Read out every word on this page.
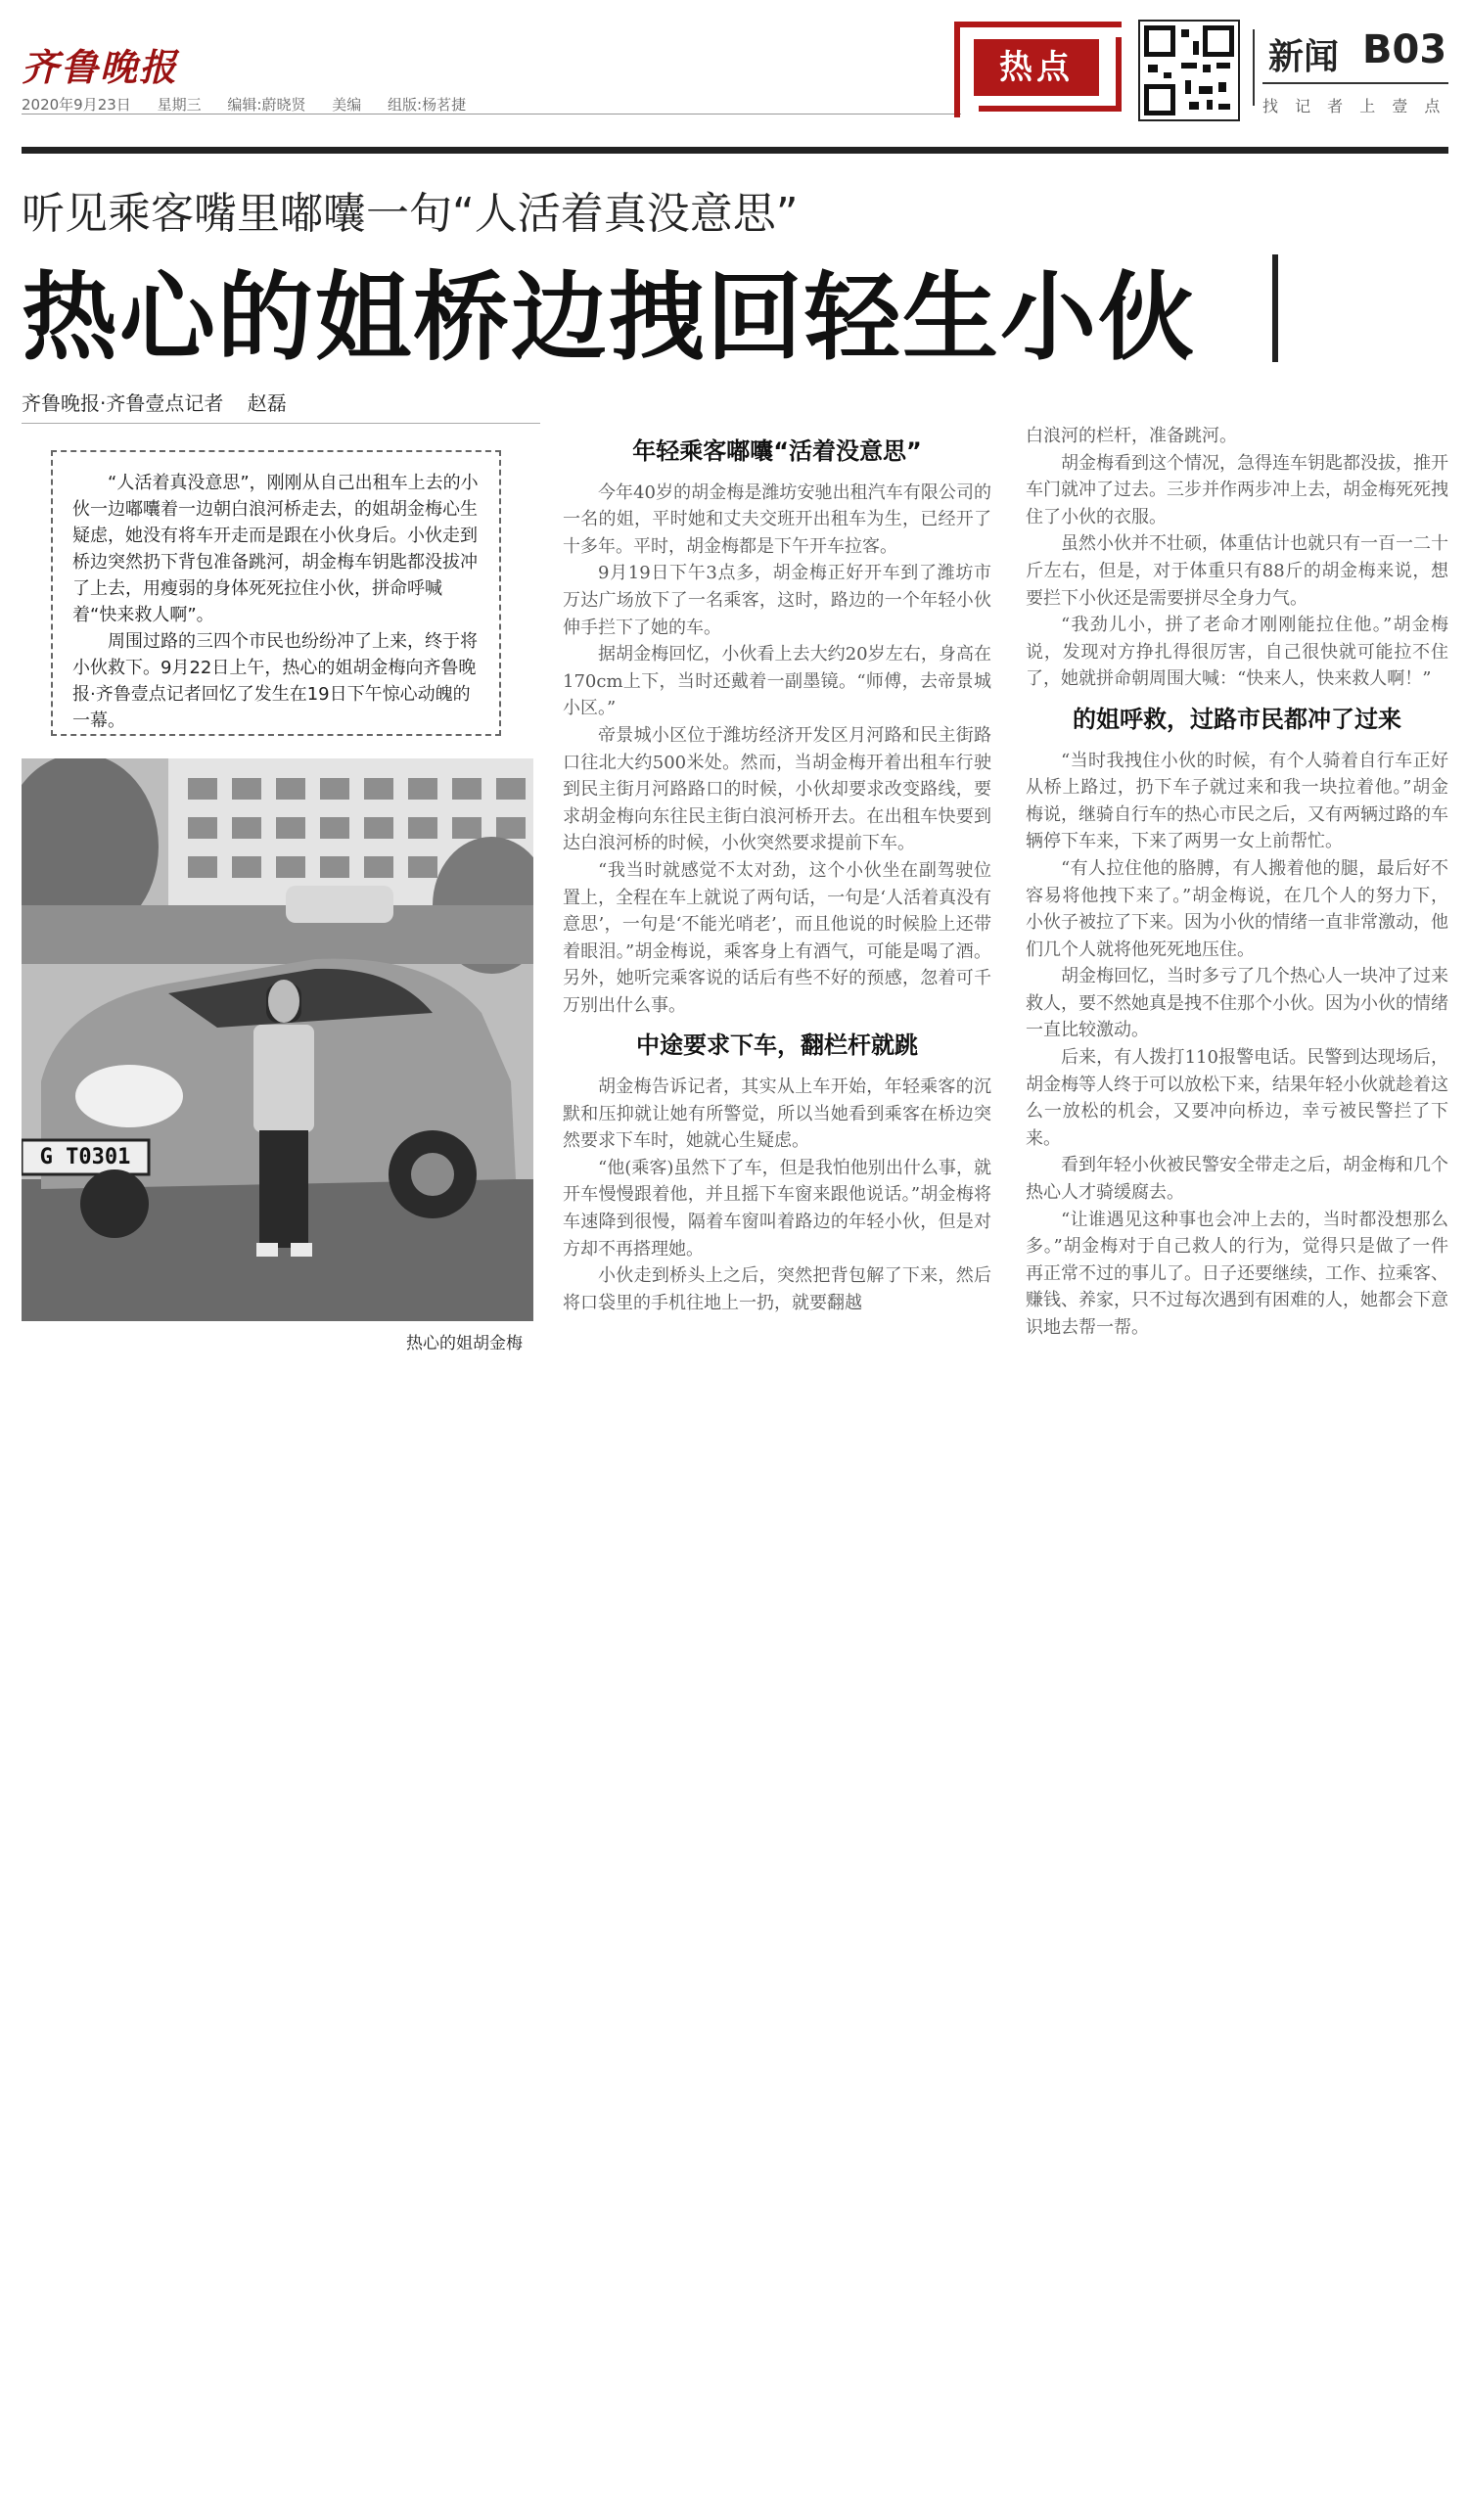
齐鲁晚报
2020年9月23日 星期三 编辑:蔚晓贤 美编 组版:杨茗捷
热点	新闻 B03
找 记 者 上 壹 点
听见乘客嘴里嘟囔一句“人活着真没意思”
热心的姐桥边拽回轻生小伙
齐鲁晚报·齐鲁壹点记者 赵磊

“人活着真没意思”，刚刚从自己出租车上去的小伙一边嘟囔着一边朝白浪河桥走去，的姐胡金梅心生疑虑，她没有将车开走而是跟在小伙身后。小伙走到桥边突然扔下背包准备跳河，胡金梅车钥匙都没拔冲了上去，用瘦弱的身体死死拉住小伙，拼命呼喊着“快来救人啊”。

周围过路的三四个市民也纷纷冲了上来，终于将小伙救下。9月22日上午，热心的姐胡金梅向齐鲁晚报·齐鲁壹点记者回忆了发生在19日下午惊心动魄的一幕。

G T0301
热心的姐胡金梅
年轻乘客嘟囔“活着没意思”

今年40岁的胡金梅是潍坊安驰出租汽车有限公司的一名的姐，平时她和丈夫交班开出租车为生，已经开了十多年。平时，胡金梅都是下午开车拉客。

9月19日下午3点多，胡金梅正好开车到了潍坊市万达广场放下了一名乘客，这时，路边的一个年轻小伙伸手拦下了她的车。

据胡金梅回忆，小伙看上去大约20岁左右，身高在170cm上下，当时还戴着一副墨镜。“师傅，去帝景城小区。”

帝景城小区位于潍坊经济开发区月河路和民主街路口往北大约500米处。然而，当胡金梅开着出租车行驶到民主街月河路路口的时候，小伙却要求改变路线，要求胡金梅向东往民主街白浪河桥开去。在出租车快要到达白浪河桥的时候，小伙突然要求提前下车。

“我当时就感觉不太对劲，这个小伙坐在副驾驶位置上，全程在车上就说了两句话，一句是‘人活着真没有意思’，一句是‘不能光哨老’，而且他说的时候脸上还带着眼泪。”胡金梅说，乘客身上有酒气，可能是喝了酒。另外，她听完乘客说的话后有些不好的预感，忽着可千万别出什么事。

中途要求下车，翻栏杆就跳

胡金梅告诉记者，其实从上车开始，年轻乘客的沉默和压抑就让她有所警觉，所以当她看到乘客在桥边突然要求下车时，她就心生疑虑。

“他(乘客)虽然下了车，但是我怕他别出什么事，就开车慢慢跟着他，并且摇下车窗来跟他说话。”胡金梅将车速降到很慢，隔着车窗叫着路边的年轻小伙，但是对方却不再搭理她。

小伙走到桥头上之后，突然把背包解了下来，然后将口袋里的手机往地上一扔，就要翻越

白浪河的栏杆，准备跳河。

胡金梅看到这个情况，急得连车钥匙都没拔，推开车门就冲了过去。三步并作两步冲上去，胡金梅死死拽住了小伙的衣服。

虽然小伙并不壮硕，体重估计也就只有一百一二十斤左右，但是，对于体重只有88斤的胡金梅来说，想要拦下小伙还是需要拼尽全身力气。

“我劲儿小，拼了老命才刚刚能拉住他。”胡金梅说，发现对方挣扎得很厉害，自己很快就可能拉不住了，她就拼命朝周围大喊：“快来人，快来救人啊！”

的姐呼救，过路市民都冲了过来

“当时我拽住小伙的时候，有个人骑着自行车正好从桥上路过，扔下车子就过来和我一块拉着他。”胡金梅说，继骑自行车的热心市民之后，又有两辆过路的车辆停下车来，下来了两男一女上前帮忙。

“有人拉住他的胳膊，有人搬着他的腿，最后好不容易将他拽下来了。”胡金梅说，在几个人的努力下，小伙子被拉了下来。因为小伙的情绪一直非常激动，他们几个人就将他死死地压住。

胡金梅回忆，当时多亏了几个热心人一块冲了过来救人，要不然她真是拽不住那个小伙。因为小伙的情绪一直比较激动。

后来，有人拨打110报警电话。民警到达现场后，胡金梅等人终于可以放松下来，结果年轻小伙就趁着这么一放松的机会，又要冲向桥边，幸亏被民警拦了下来。

看到年轻小伙被民警安全带走之后，胡金梅和几个热心人才骑缓腐去。

“让谁遇见这种事也会冲上去的，当时都没想那么多。”胡金梅对于自己救人的行为，觉得只是做了一件再正常不过的事儿了。日子还要继续，工作、拉乘客、赚钱、养家，只不过每次遇到有困难的人，她都会下意识地去帮一帮。
